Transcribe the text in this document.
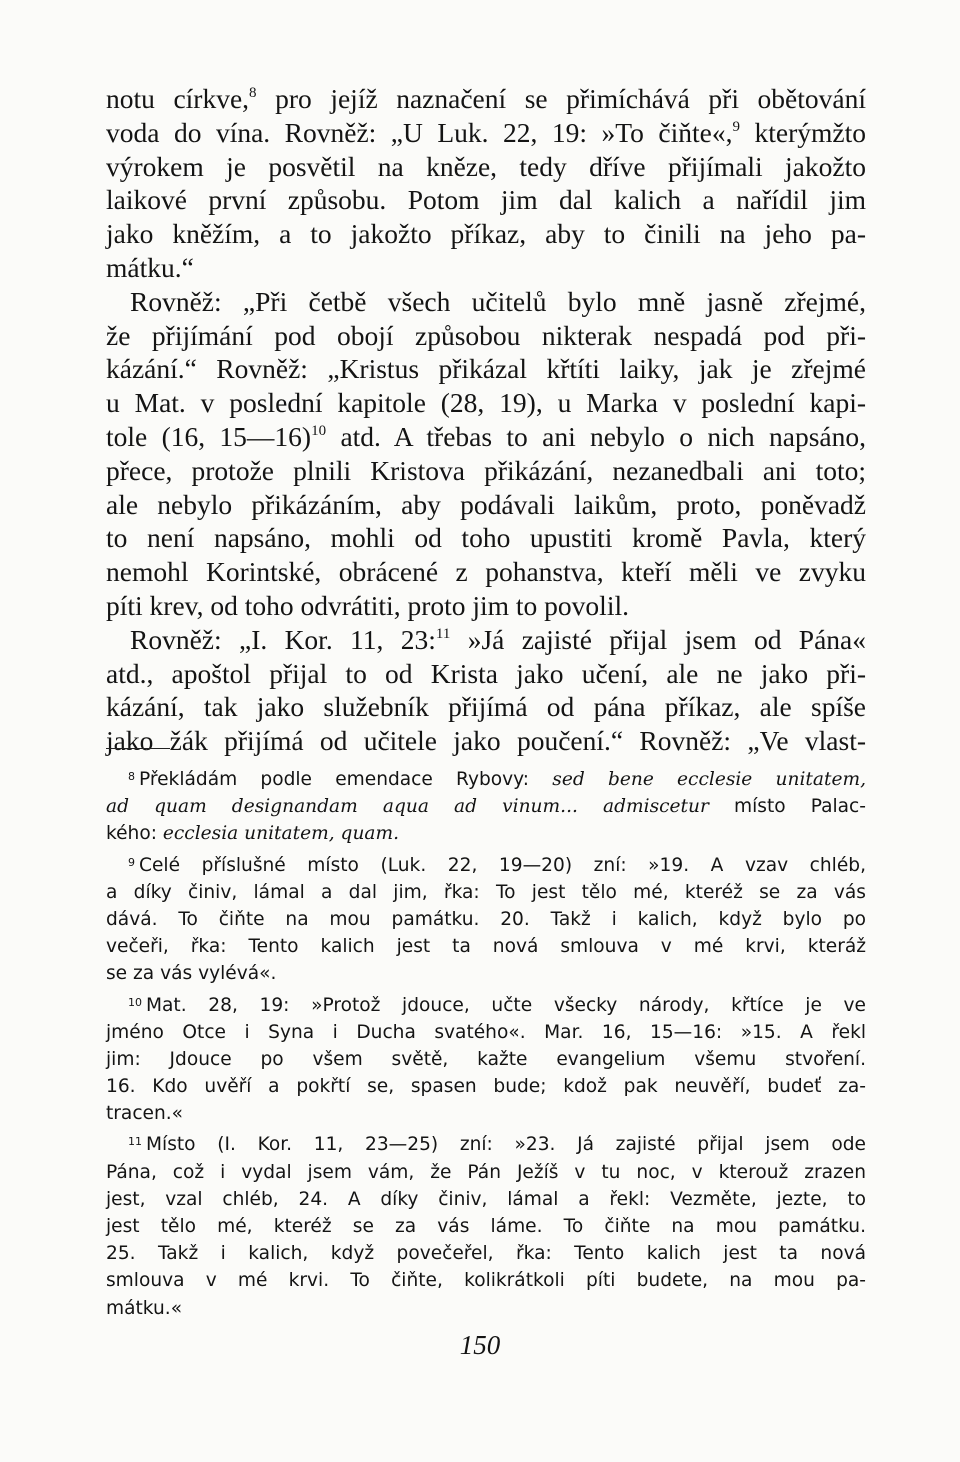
notu církve,$^8$ pro jejíž naznačení se přimíchává při obětování
voda do vína. Rovněž: „U Luk. 22, 19: »To čiňte«,$^9$ kterýmžto
výrokem je posvětil na kněze, tedy dříve přijímali jakožto
laikové první způsobu. Potom jim dal kalich a nařídil jim
jako kněžím, a to jakožto příkaz, aby to činili na jeho pa-
mátku.“
Rovněž: „Při četbě všech učitelů bylo mně jasně zřejmé,
že přijímání pod obojí způsobou nikterak nespadá pod při-
kázání.“ Rovněž: „Kristus přikázal křtíti laiky, jak je zřejmé
u Mat. v poslední kapitole (28, 19), u Marka v poslední kapi-
tole (16, 15—16)$^{10}$ atd. A třebas to ani nebylo o nich napsáno,
přece, protože plnili Kristova přikázání, nezanedbali ani toto;
ale nebylo přikázáním, aby podávali laikům, proto, poněvadž
to není napsáno, mohli od toho upustiti kromě Pavla, který
nemohl Korintské, obrácené z pohanstva, kteří měli ve zvyku
píti krev, od toho odvrátiti, proto jim to povolil.
Rovněž: „I. Kor. 11, 23:$^{11}$ »Já zajisté přijal jsem od Pána«
atd., apoštol přijal to od Krista jako učení, ale ne jako při-
kázání, tak jako služebník přijímá od pána příkaz, ale spíše
jako žák přijímá od učitele jako poučení.“ Rovněž: „Ve vlast-
$^8$ Překládám podle emendace Rybovy: sed bene ecclesie unitatem,
ad quam designandam aqua ad vinum... admiscetur místo Palac-
kého: ecclesia unitatem, quam.
$^9$ Celé příslušné místo (Luk. 22, 19—20) zní: »19. A vzav chléb,
a díky činiv, lámal a dal jim, řka: To jest tělo mé, kteréž se za vás
dává. To čiňte na mou památku. 20. Takž i kalich, když bylo po
večeři, řka: Tento kalich jest ta nová smlouva v mé krvi, kteráž
se za vás vylévá«.
$^{10}$ Mat. 28, 19: »Protož jdouce, učte všecky národy, křtíce je ve
jméno Otce i Syna i Ducha svatého«. Mar. 16, 15—16: »15. A řekl
jim: Jdouce po všem světě, kažte evangelium všemu stvoření.
16. Kdo uvěří a pokřtí se, spasen bude; kdož pak neuvěří, budeť za-
tracen.«
$^{11}$ Místo (I. Kor. 11, 23—25) zní: »23. Já zajisté přijal jsem ode
Pána, což i vydal jsem vám, že Pán Ježíš v tu noc, v kterouž zrazen
jest, vzal chléb, 24. A díky činiv, lámal a řekl: Vezměte, jezte, to
jest tělo mé, kteréž se za vás láme. To čiňte na mou památku.
25. Takž i kalich, když povečeřel, řka: Tento kalich jest ta nová
smlouva v mé krvi. To čiňte, kolikrátkoli píti budete, na mou pa-
mátku.«
150
